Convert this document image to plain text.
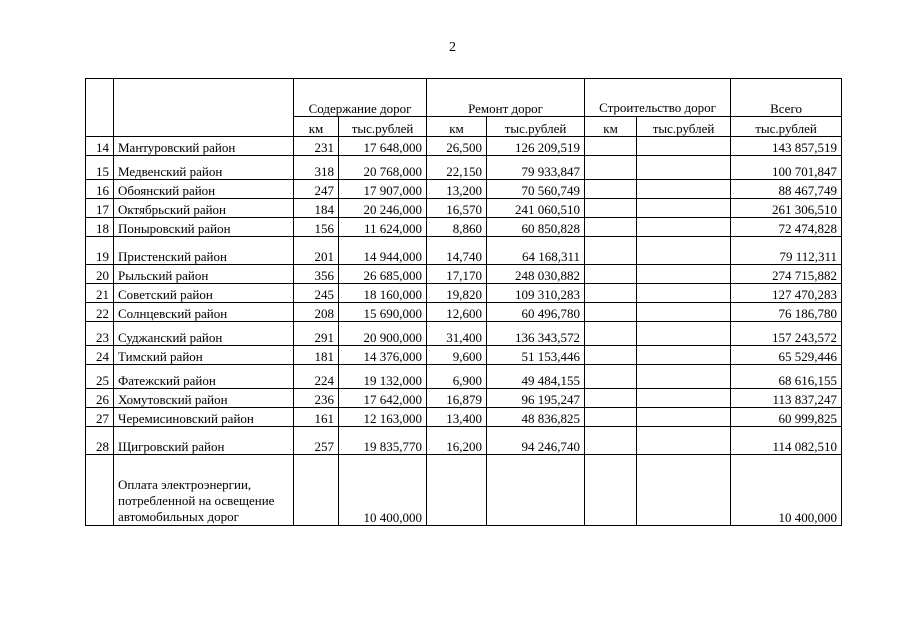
2
		Содержание дорог		Ремонт дорог		Строительство дорог		Всего
		км	тыс.рублей	км	тыс.рублей	км	тыс.рублей	тыс.рублей
14	Мантуровский район	231	17 648,000	26,500	126 209,519			143 857,519
15	Медвенский район	318	20 768,000	22,150	79 933,847			100 701,847
16	Обоянский район	247	17 907,000	13,200	70 560,749			88 467,749
17	Октябрьский район	184	20 246,000	16,570	241 060,510			261 306,510
18	Поныровский район	156	11 624,000	8,860	60 850,828			72 474,828
19	Пристенский район	201	14 944,000	14,740	64 168,311			79 112,311
20	Рыльский район	356	26 685,000	17,170	248 030,882			274 715,882
21	Советский район	245	18 160,000	19,820	109 310,283			127 470,283
22	Солнцевский район	208	15 690,000	12,600	60 496,780			76 186,780
23	Суджанский район	291	20 900,000	31,400	136 343,572			157 243,572
24	Тимский район	181	14 376,000	9,600	51 153,446			65 529,446
25	Фатежский район	224	19 132,000	6,900	49 484,155			68 616,155
26	Хомутовский район	236	17 642,000	16,879	96 195,247			113 837,247
27	Черемисиновский район	161	12 163,000	13,400	48 836,825			60 999,825
28	Щигровский район	257	19 835,770	16,200	94 246,740			114 082,510
	Оплата электроэнергии, потребленной на освещение автомобильных дорог		10 400,000					10 400,000
